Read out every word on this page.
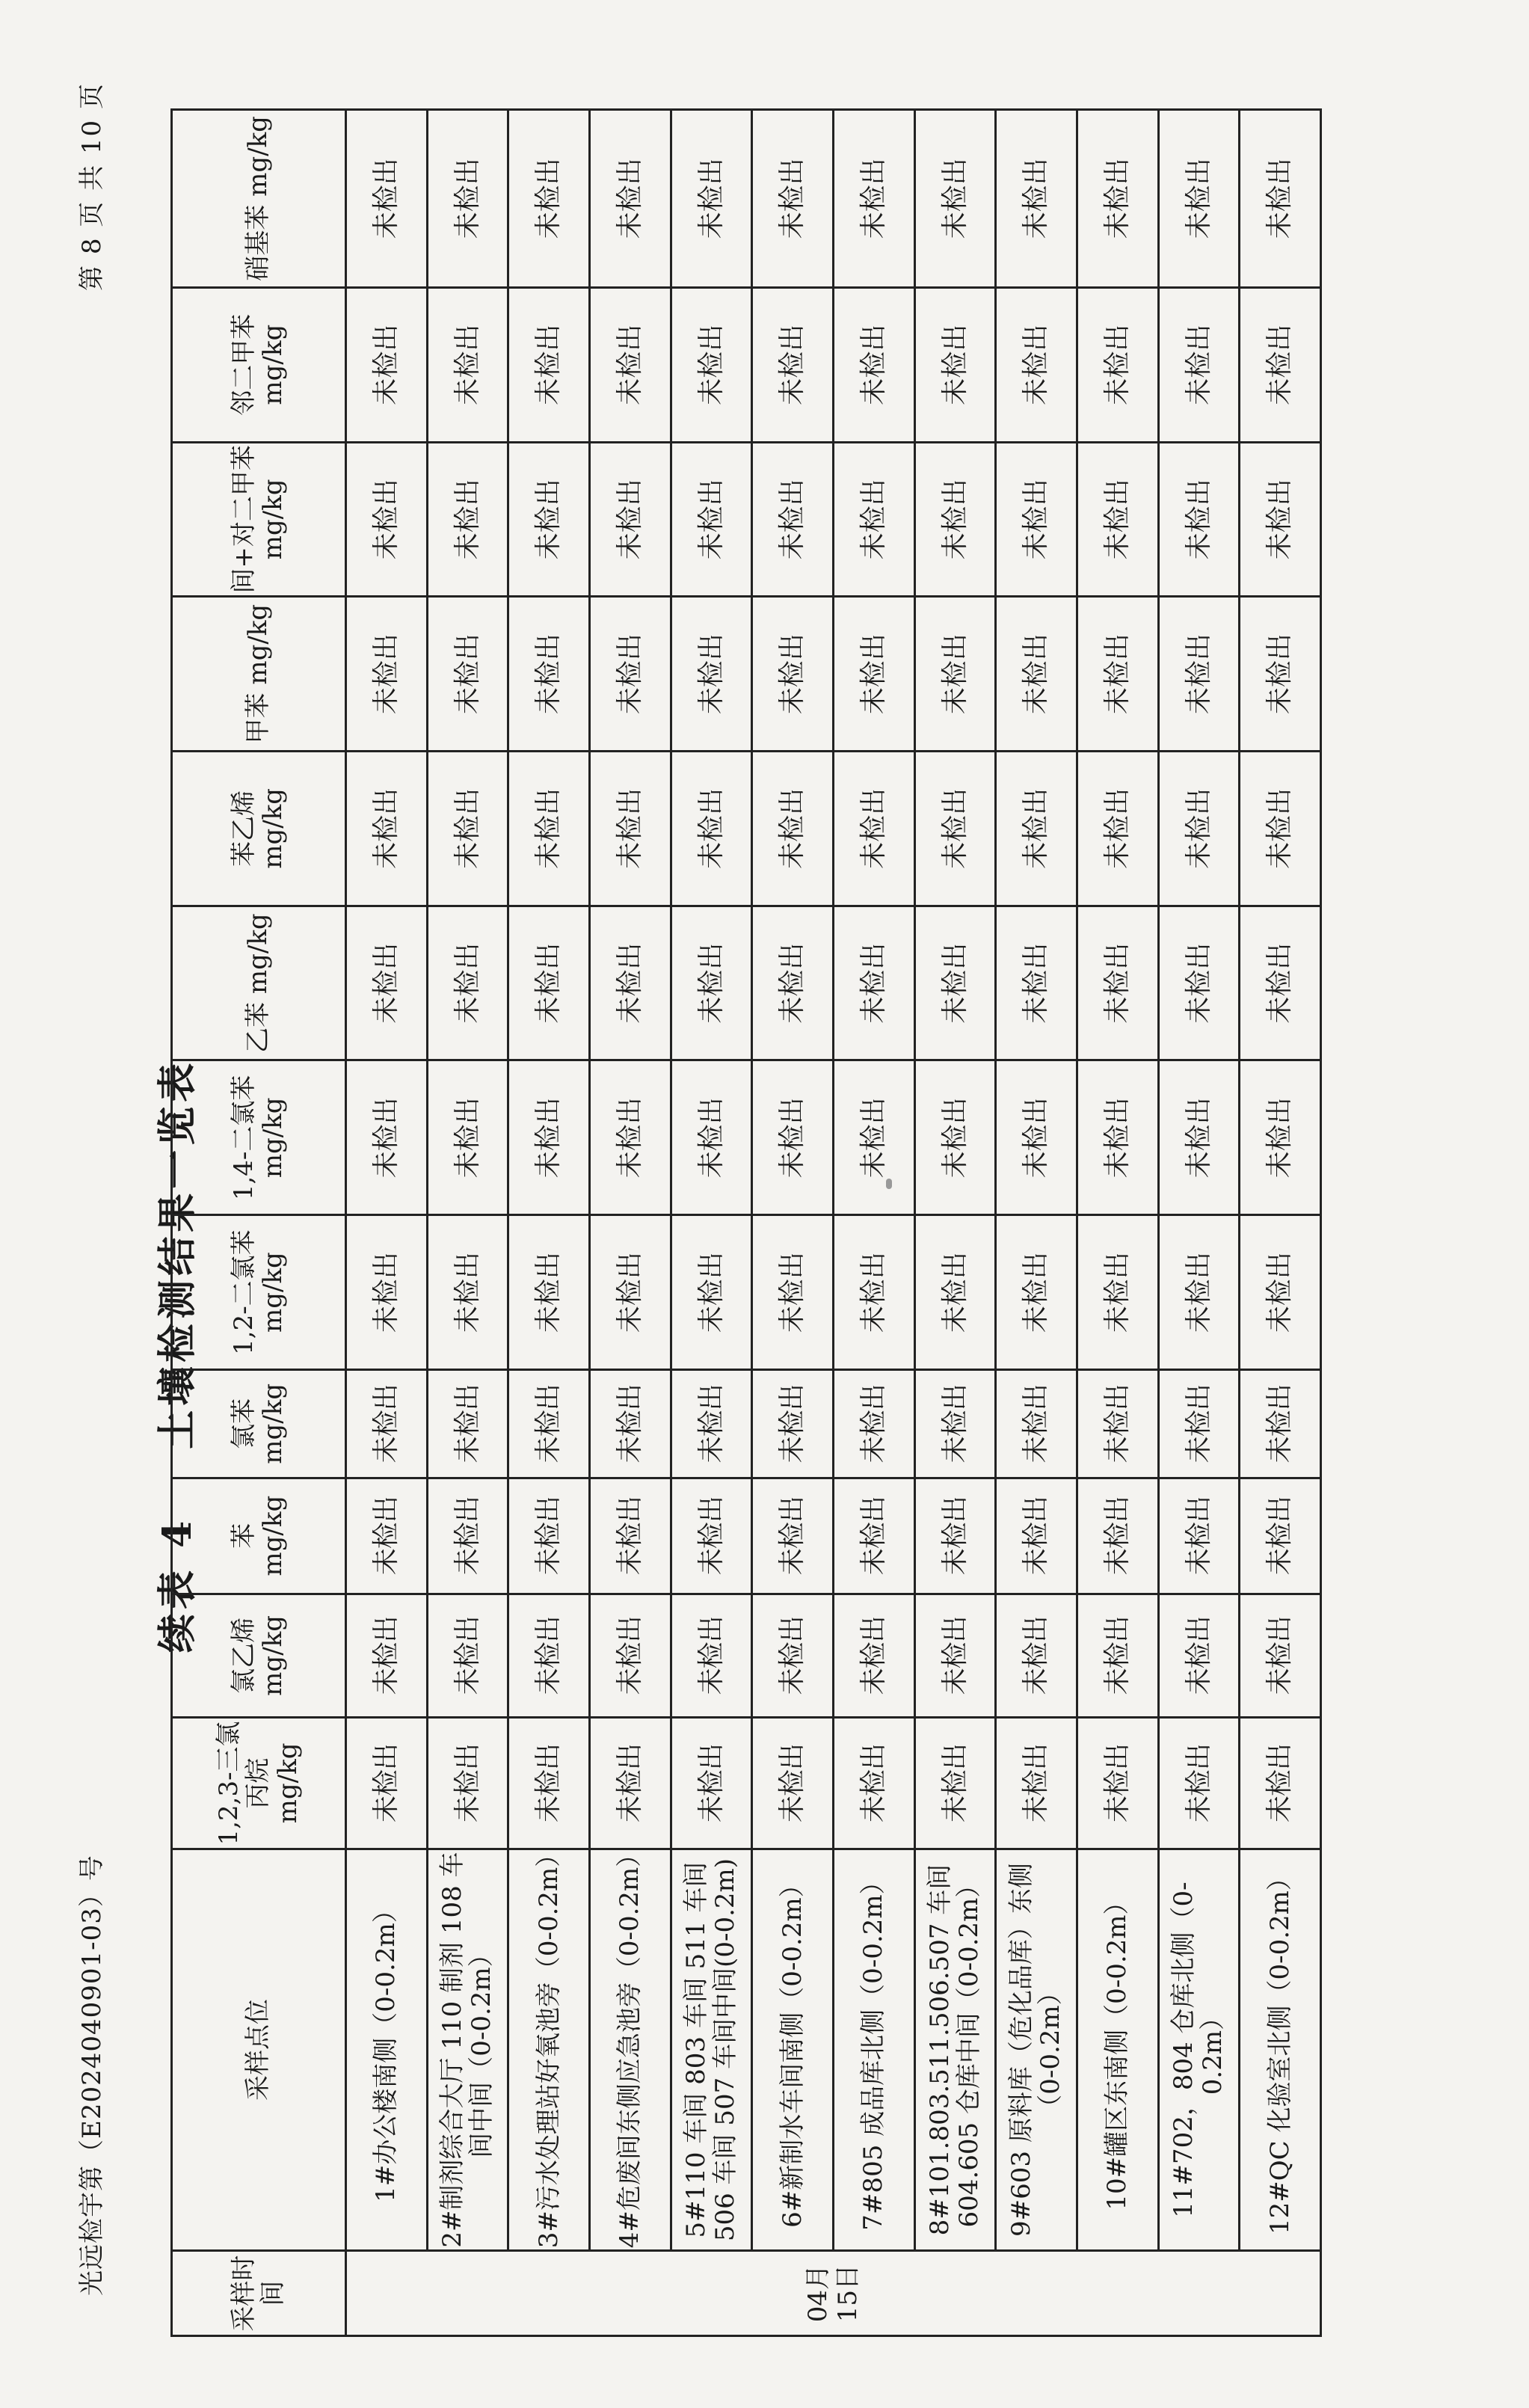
光远检宇第（E2024040901-03）号
第 8 页 共 10 页
续表 4土壤检测结果一览表
采样时间	采样点位	1,2,3-三氯丙烷 mg/kg	氯乙烯 mg/kg	苯 mg/kg	氯苯 mg/kg	1,2-二氯苯 mg/kg	1,4-二氯苯 mg/kg	乙苯 mg/kg	苯乙烯 mg/kg	甲苯 mg/kg	间+对二甲苯 mg/kg	邻二甲苯 mg/kg	硝基苯 mg/kg
04月15日	1#办公楼南侧（0-0.2m）	未检出	未检出	未检出	未检出	未检出	未检出	未检出	未检出	未检出	未检出	未检出	未检出
	2#制剂综合大厅 110 制剂 108 车间中间（0-0.2m）	未检出	未检出	未检出	未检出	未检出	未检出	未检出	未检出	未检出	未检出	未检出	未检出
	3#污水处理站好氧池旁（0-0.2m）	未检出	未检出	未检出	未检出	未检出	未检出	未检出	未检出	未检出	未检出	未检出	未检出
	4#危废间东侧应急池旁（0-0.2m）	未检出	未检出	未检出	未检出	未检出	未检出	未检出	未检出	未检出	未检出	未检出	未检出
	5#110 车间 803 车间 511 车间 506 车间 507 车间中间(0-0.2m)	未检出	未检出	未检出	未检出	未检出	未检出	未检出	未检出	未检出	未检出	未检出	未检出
	6#新制水车间南侧（0-0.2m）	未检出	未检出	未检出	未检出	未检出	未检出	未检出	未检出	未检出	未检出	未检出	未检出
	7#805 成品库北侧（0-0.2m）	未检出	未检出	未检出	未检出	未检出	未检出	未检出	未检出	未检出	未检出	未检出	未检出
	8#101.803.511.506.507 车间 604.605 仓库中间（0-0.2m）	未检出	未检出	未检出	未检出	未检出	未检出	未检出	未检出	未检出	未检出	未检出	未检出
	9#603 原料库（危化品库）东侧（0-0.2m）	未检出	未检出	未检出	未检出	未检出	未检出	未检出	未检出	未检出	未检出	未检出	未检出
	10#罐区东南侧（0-0.2m）	未检出	未检出	未检出	未检出	未检出	未检出	未检出	未检出	未检出	未检出	未检出	未检出
	11#702，804 仓库北侧（0-0.2m）	未检出	未检出	未检出	未检出	未检出	未检出	未检出	未检出	未检出	未检出	未检出	未检出
	12#QC 化验室北侧（0-0.2m）	未检出	未检出	未检出	未检出	未检出	未检出	未检出	未检出	未检出	未检出	未检出	未检出
